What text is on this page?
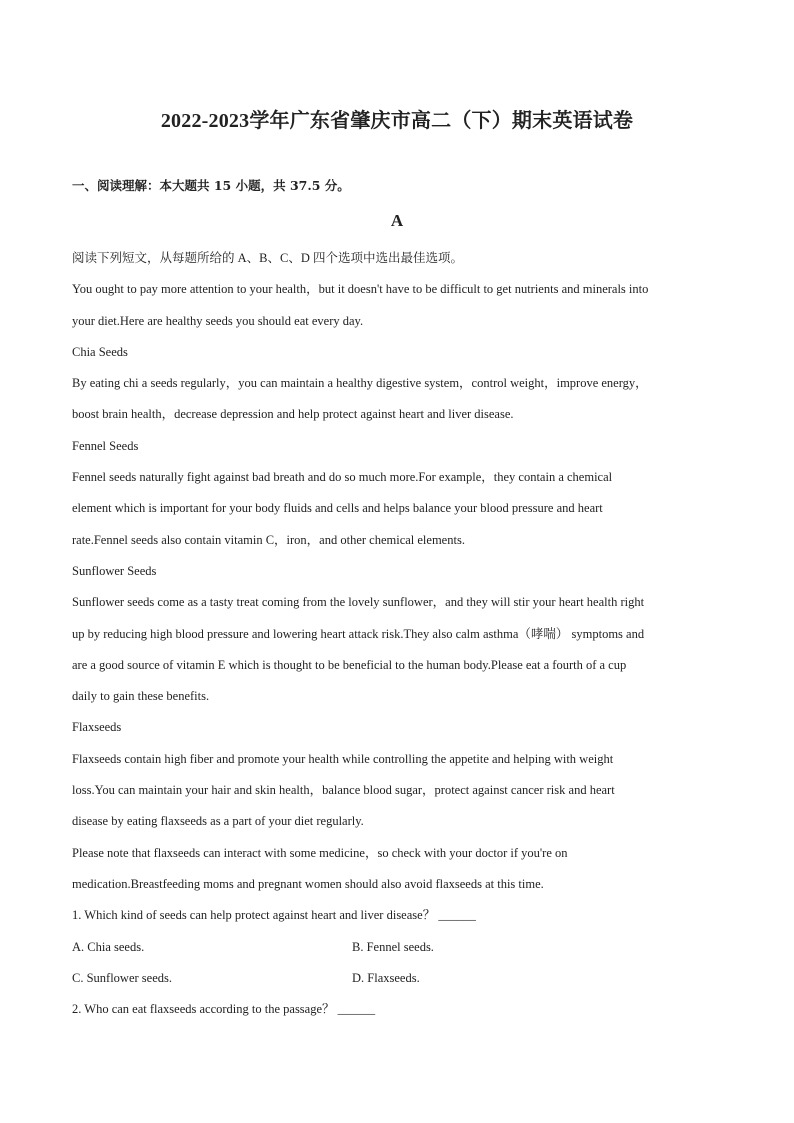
2022-2023学年广东省肇庆市高二（下）期末英语试卷
一、阅读理解：本大题共 15 小题，共 37.5 分。
A
阅读下列短文，从每题所给的 A、B、C、D 四个选项中选出最佳选项。
You ought to pay more attention to your health，but it doesn't have to be difficult to get nutrients and minerals into
your diet.Here are healthy seeds you should eat every day.
Chia Seeds
By eating chi a seeds regularly，you can maintain a healthy digestive system，control weight，improve energy，
boost brain health，decrease depression and help protect against heart and liver disease.
Fennel Seeds
Fennel seeds naturally fight against bad breath and do so much more.For example，they contain a chemical
element which is important for your body fluids and cells and helps balance your blood pressure and heart
rate.Fennel seeds also contain vitamin C，iron，and other chemical elements.
Sunflower Seeds
Sunflower seeds come as a tasty treat coming from the lovely sunflower，and they will stir your heart health right
up by reducing high blood pressure and lowering heart attack risk.They also calm asthma（哮喘） symptoms and
are a good source of vitamin E which is thought to be beneficial to the human body.Please eat a fourth of a cup
daily to gain these benefits.
Flaxseeds
Flaxseeds contain high fiber and promote your health while controlling the appetite and helping with weight
loss.You can maintain your hair and skin health，balance blood sugar，protect against cancer risk and heart
disease by eating flaxseeds as a part of your diet regularly.
Please note that flaxseeds can interact with some medicine，so check with your doctor if you're on
medication.Breastfeeding moms and pregnant women should also avoid flaxseeds at this time.
1. Which kind of seeds can help protect against heart and liver disease？ ______
A. Chia seeds.	B. Fennel seeds.
C. Sunflower seeds.	D. Flaxseeds.
2. Who can eat flaxseeds according to the passage？ ______
